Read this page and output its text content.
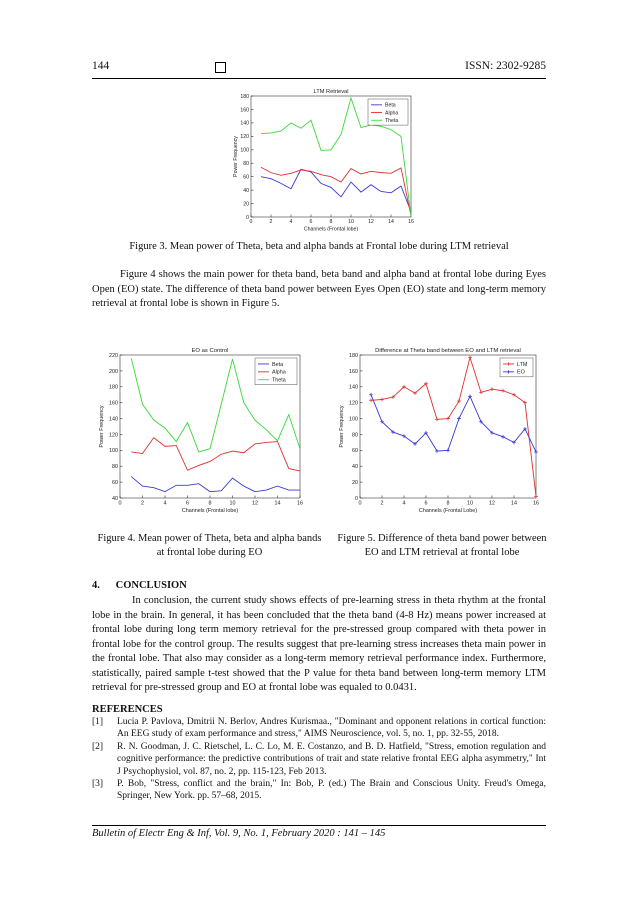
144	ISSN: 2302-9285
LTM Retrieval
0	2	4	6	8	10	12	14	16
0
20
40
60
80
100
120
140
160
180
Channels (Frontal lobe)
Power Frequency
Beta
Alpha
Theta
Figure 3. Mean power of Theta, beta and alpha bands at Frontal lobe during LTM retrieval
Figure 4 shows the main power for theta band, beta band and alpha band at frontal lobe during Eyes Open (EO) state. The difference of theta band power between Eyes Open (EO) state and long-term memory retrieval at frontal lobe is shown in Figure 5.
EO as Control
0	2	4	6	8	10	12	14	16
40
60
80
100
120
140
160
180
200
220
Channels (Frontal lobe)
Power Frequency
Beta
Alpha
Theta
Difference at Theta band between EO and LTM retrieval
0	2	4	6	8	10	12	14	16
0
20
40
60
80
100
120
140
160
180
Channels (Frontal Lobe)
Power Frequency
LTM
EO
Figure 4. Mean power of Theta, beta and alpha bands
at frontal lobe during EO
Figure 5. Difference of theta band power between
EO and LTM retrieval at frontal lobe
4.      CONCLUSION
In conclusion, the current study shows effects of pre-learning stress in theta rhythm at the frontal lobe in the brain. In general, it has been concluded that the theta band (4-8 Hz) means power increased at frontal lobe during long term memory retrieval for the pre-stressed group compared with theta power in frontal lobe for the control group. The results suggest that pre-learning stress increases theta main power in the frontal lobe. That also may consider as a long-term memory retrieval performance index. Furthermore, statistically, paired sample t-test showed that the P value for theta band between long-term memory LTM retrieval for pre-stressed group and EO at frontal lobe was equaled to 0.0431.
REFERENCES
[1] Lucia P. Pavlova, Dmitrii N. Berlov, Andres Kurismaa., "Dominant and opponent relations in cortical function: An EEG study of exam performance and stress," AIMS Neuroscience, vol. 5, no. 1, pp. 32-55, 2018.
[2] R. N. Goodman, J. C. Rietschel, L. C. Lo, M. E. Costanzo, and B. D. Hatfield, "Stress, emotion regulation and cognitive performance: the predictive contributions of trait and state relative frontal EEG alpha asymmetry," Int J Psychophysiol, vol. 87, no. 2, pp. 115-123, Feb 2013.
[3] P. Bob, "Stress, conflict and the brain," In: Bob, P. (ed.) The Brain and Conscious Unity. Freud's Omega, Springer, New York. pp. 57–68, 2015.
Bulletin of Electr Eng & Inf, Vol. 9, No. 1, February 2020 : 141 – 145
